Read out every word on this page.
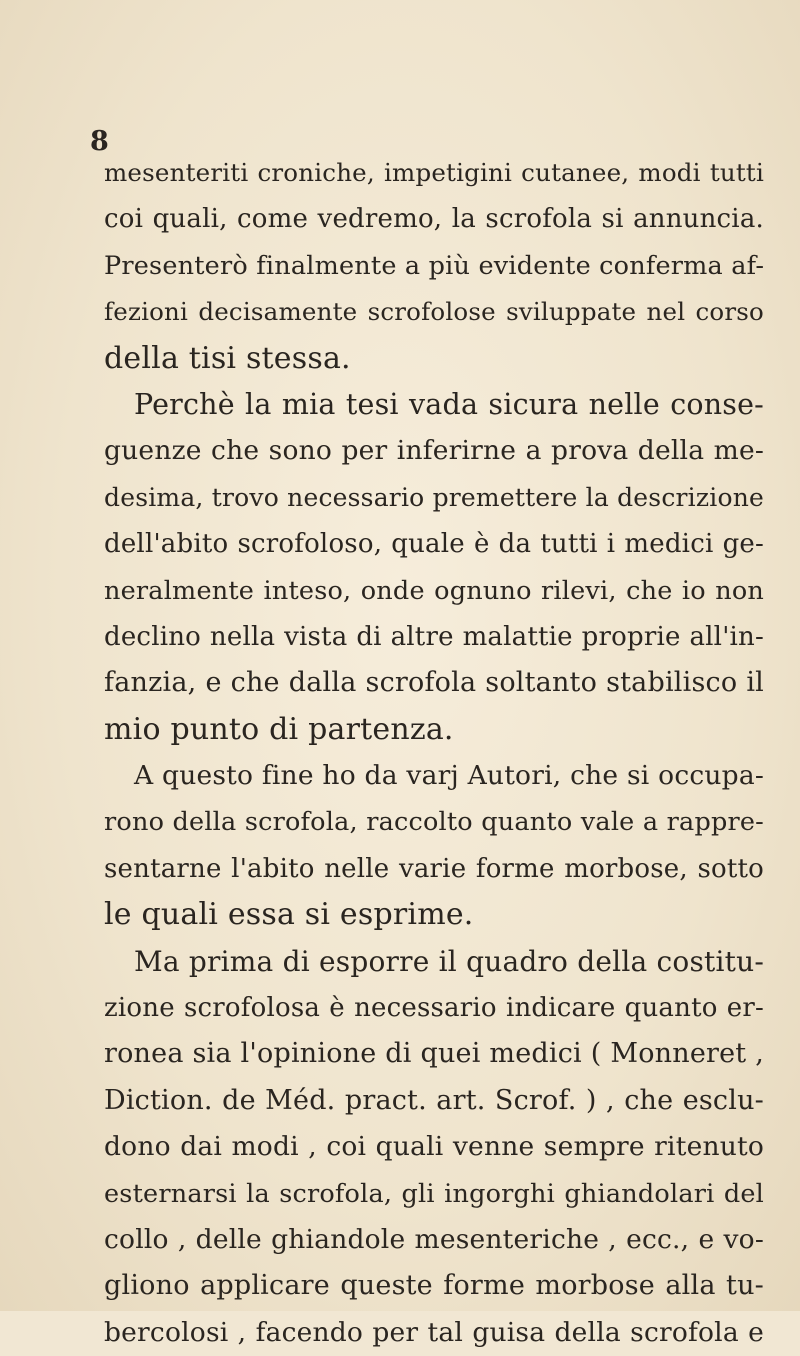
8
mesenteriti croniche, impetigini cutanee, modi tutti
coi quali, come vedremo, la scrofola si annuncia.
Presenterò finalmente a più evidente conferma af-
fezioni decisamente scrofolose sviluppate nel corso
della tisi stessa.
Perchè la mia tesi vada sicura nelle conse-
guenze che sono per inferirne a prova della me-
desima, trovo necessario premettere la descrizione
dell'abito scrofoloso, quale è da tutti i medici ge-
neralmente inteso, onde ognuno rilevi, che io non
declino nella vista di altre malattie proprie all'in-
fanzia, e che dalla scrofola soltanto stabilisco il
mio punto di partenza.
A questo fine ho da varj Autori, che si occupa-
rono della scrofola, raccolto quanto vale a rappre-
sentarne l'abito nelle varie forme morbose, sotto
le quali essa si esprime.
Ma prima di esporre il quadro della costitu-
zione scrofolosa è necessario indicare quanto er-
ronea sia l'opinione di quei medici ( Monneret ,
Diction. de Méd. pract. art. Scrof. ) , che esclu-
dono dai modi , coi quali venne sempre ritenuto
esternarsi la scrofola, gli ingorghi ghiandolari del
collo , delle ghiandole mesenteriche , ecc., e vo-
gliono applicare queste forme morbose alla tu-
bercolosi , facendo per tal guisa della scrofola e
